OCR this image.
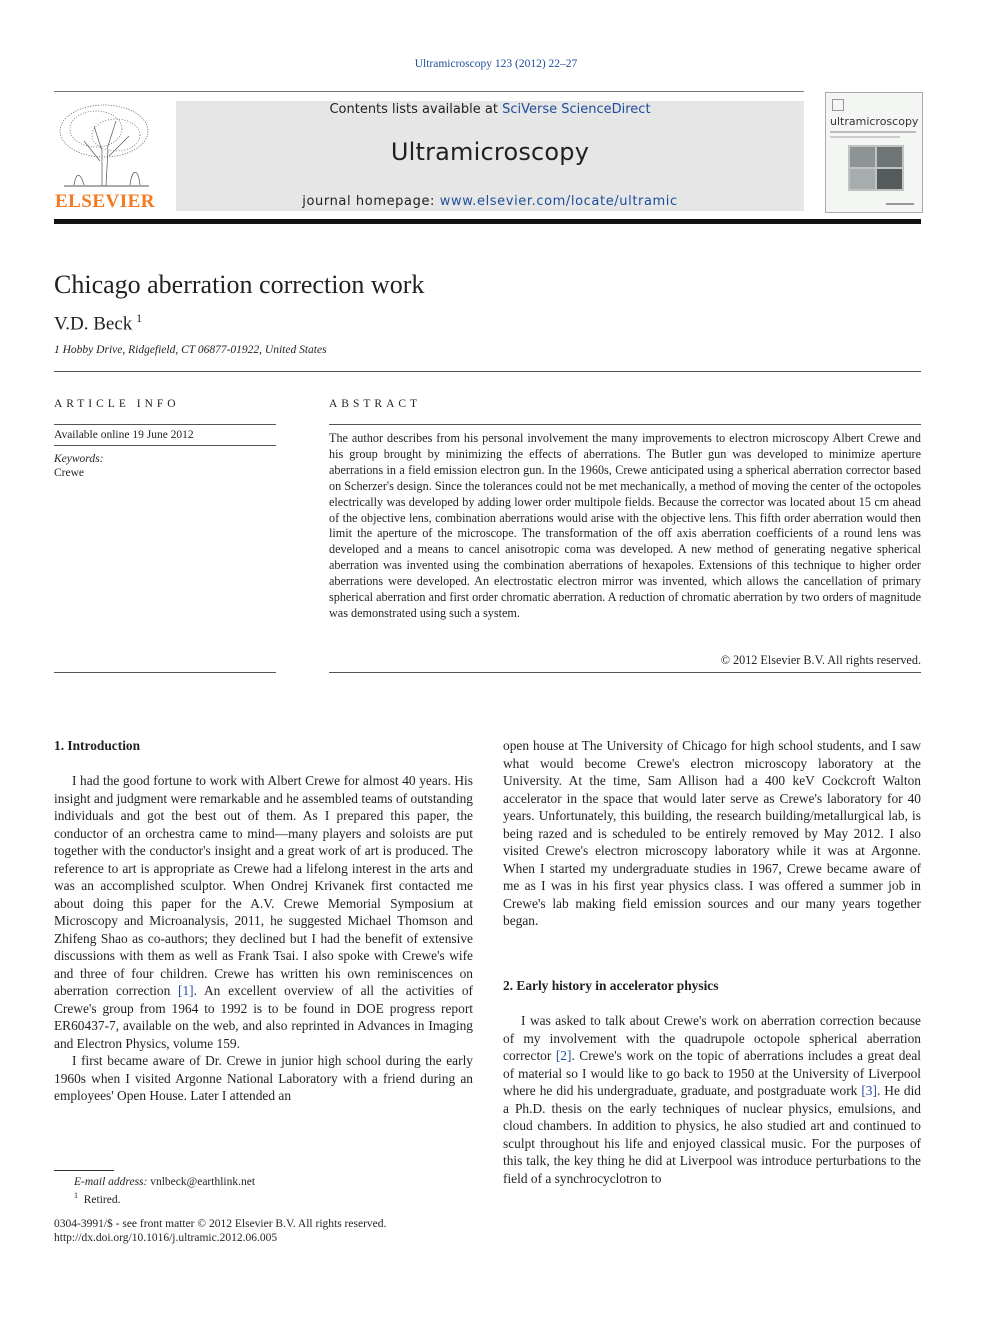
Ultramicroscopy 123 (2012) 22–27
ELSEVIER
Contents lists available at SciVerse ScienceDirect
Ultramicroscopy
journal homepage: www.elsevier.com/locate/ultramic
ultramicroscopy
Chicago aberration correction work
V.D. Beck  $^1$
1 Hobby Drive, Ridgefield, CT 06877-01922, United States
ARTICLE INFO
Available online 19 June 2012
Keywords:
Crewe
ABSTRACT
The author describes from his personal involvement the many improvements to electron microscopy Albert Crewe and his group brought by minimizing the effects of aberrations. The Butler gun was developed to minimize aperture aberrations in a field emission electron gun. In the 1960s, Crewe anticipated using a spherical aberration corrector based on Scherzer's design. Since the tolerances could not be met mechanically, a method of moving the center of the octopoles electrically was developed by adding lower order multipole fields. Because the corrector was located about 15 cm ahead of the objective lens, combination aberrations would arise with the objective lens. This fifth order aberration would then limit the aperture of the microscope. The transformation of the off axis aberration coefficients of a round lens was developed and a means to cancel anisotropic coma was developed. A new method of generating negative spherical aberration was invented using the combination aberrations of hexapoles. Extensions of this technique to higher order aberrations were developed. An electrostatic electron mirror was invented, which allows the cancellation of primary spherical aberration and first order chromatic aberration. A reduction of chromatic aberration by two orders of magnitude was demonstrated using such a system.
© 2012 Elsevier B.V. All rights reserved.
1. Introduction

I had the good fortune to work with Albert Crewe for almost 40 years. His insight and judgment were remarkable and he assembled teams of outstanding individuals and got the best out of them. As I prepared this paper, the conductor of an orchestra came to mind—many players and soloists are put together with the conductor's insight and a great work of art is produced. The reference to art is appropriate as Crewe had a lifelong interest in the arts and was an accomplished sculptor. When Ondrej Krivanek first contacted me about doing this paper for the A.V. Crewe Memorial Symposium at Microscopy and Microanalysis, 2011, he suggested Michael Thomson and Zhifeng Shao as co-authors; they declined but I had the benefit of extensive discussions with them as well as Frank Tsai. I also spoke with Crewe's wife and three of four children. Crewe has written his own reminiscences on aberration correction [1]. An excellent overview of all the activities of Crewe's group from 1964 to 1992 is to be found in DOE progress report ER60437-7, available on the web, and also reprinted in Advances in Imaging and Electron Physics, volume 159.

I first became aware of Dr. Crewe in junior high school during the early 1960s when I visited Argonne National Laboratory with a friend during an employees' Open House. Later I attended an

E-mail address: vnlbeck@earthlink.net
$^1$ Retired.
0304-3991/$ - see front matter © 2012 Elsevier B.V. All rights reserved.
http://dx.doi.org/10.1016/j.ultramic.2012.06.005

open house at The University of Chicago for high school students, and I saw what would become Crewe's electron microscopy laboratory at the University. At the time, Sam Allison had a 400 keV Cockcroft Walton accelerator in the space that would later serve as Crewe's laboratory for 40 years. Unfortunately, this building, the research building/metallurgical lab, is being razed and is scheduled to be entirely removed by May 2012. I also visited Crewe's electron microscopy laboratory while it was at Argonne. When I started my undergraduate studies in 1967, Crewe became aware of me as I was in his first year physics class. I was offered a summer job in Crewe's lab making field emission sources and our many years together began.

2. Early history in accelerator physics

I was asked to talk about Crewe's work on aberration correction because of my involvement with the quadrupole octopole spherical aberration corrector [2]. Crewe's work on the topic of aberrations includes a great deal of material so I would like to go back to 1950 at the University of Liverpool where he did his undergraduate, graduate, and postgraduate work [3]. He did a Ph.D. thesis on the early techniques of nuclear physics, emulsions, and cloud chambers. In addition to physics, he also studied art and continued to sculpt throughout his life and enjoyed classical music. For the purposes of this talk, the key thing he did at Liverpool was introduce perturbations to the field of a synchrocyclotron to
